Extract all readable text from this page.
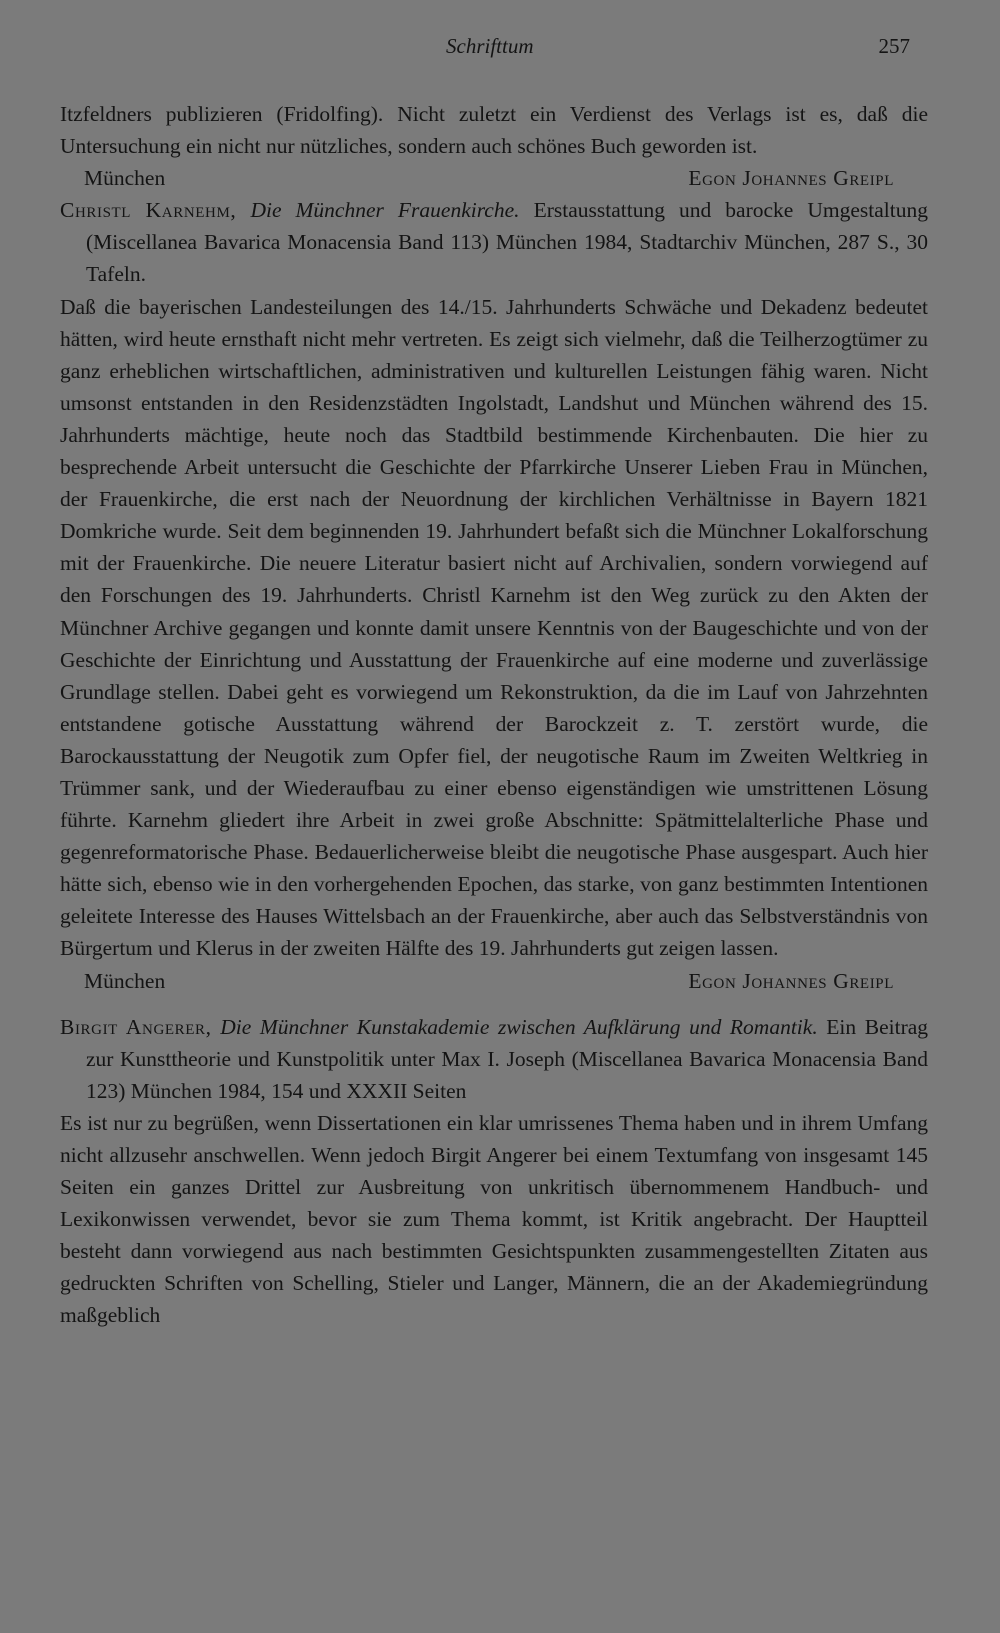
Schrifttum	257

Itzfeldners publizieren (Fridolfing). Nicht zuletzt ein Verdienst des Verlags ist es, daß die Untersuchung ein nicht nur nützliches, sondern auch schönes Buch geworden ist.

München	Egon Johannes Greipl

Christl Karnehm, Die Münchner Frauenkirche. Erstausstattung und barocke Umgestaltung (Miscellanea Bavarica Monacensia Band 113) München 1984, Stadtarchiv München, 287 S., 30 Tafeln.

Daß die bayerischen Landesteilungen des 14./15. Jahrhunderts Schwäche und Dekadenz bedeutet hätten, wird heute ernsthaft nicht mehr vertreten. Es zeigt sich vielmehr, daß die Teilherzogtümer zu ganz erheblichen wirtschaftlichen, administrativen und kulturellen Leistungen fähig waren. Nicht umsonst entstanden in den Residenzstädten Ingolstadt, Landshut und München während des 15. Jahrhunderts mächtige, heute noch das Stadtbild bestimmende Kirchenbauten. Die hier zu besprechende Arbeit untersucht die Geschichte der Pfarrkirche Unserer Lieben Frau in München, der Frauenkirche, die erst nach der Neuordnung der kirchlichen Verhältnisse in Bayern 1821 Domkriche wurde. Seit dem beginnenden 19. Jahrhundert befaßt sich die Münchner Lokalforschung mit der Frauenkirche. Die neuere Literatur basiert nicht auf Archivalien, sondern vorwiegend auf den Forschungen des 19. Jahrhunderts. Christl Karnehm ist den Weg zurück zu den Akten der Münchner Archive gegangen und konnte damit unsere Kenntnis von der Baugeschichte und von der Geschichte der Einrichtung und Ausstattung der Frauenkirche auf eine moderne und zuverlässige Grundlage stellen. Dabei geht es vorwiegend um Rekonstruktion, da die im Lauf von Jahrzehnten entstandene gotische Ausstattung während der Barockzeit z. T. zerstört wurde, die Barockausstattung der Neugotik zum Opfer fiel, der neugotische Raum im Zweiten Weltkrieg in Trümmer sank, und der Wiederaufbau zu einer ebenso eigenständigen wie umstrittenen Lösung führte. Karnehm gliedert ihre Arbeit in zwei große Abschnitte: Spätmittelalterliche Phase und gegenreformatorische Phase. Bedauerlicherweise bleibt die neugotische Phase ausgespart. Auch hier hätte sich, ebenso wie in den vorhergehenden Epochen, das starke, von ganz bestimmten Intentionen geleitete Interesse des Hauses Wittelsbach an der Frauenkirche, aber auch das Selbstverständnis von Bürgertum und Klerus in der zweiten Hälfte des 19. Jahrhunderts gut zeigen lassen.

München	Egon Johannes Greipl

Birgit Angerer, Die Münchner Kunstakademie zwischen Aufklärung und Romantik. Ein Beitrag zur Kunsttheorie und Kunstpolitik unter Max I. Joseph (Miscellanea Bavarica Monacensia Band 123) München 1984, 154 und XXXII Seiten

Es ist nur zu begrüßen, wenn Dissertationen ein klar umrissenes Thema haben und in ihrem Umfang nicht allzusehr anschwellen. Wenn jedoch Birgit Angerer bei einem Textumfang von insgesamt 145 Seiten ein ganzes Drittel zur Ausbreitung von unkritisch übernommenem Handbuch- und Lexikonwissen verwendet, bevor sie zum Thema kommt, ist Kritik angebracht. Der Hauptteil besteht dann vorwiegend aus nach bestimmten Gesichtspunkten zusammengestellten Zitaten aus gedruckten Schriften von Schelling, Stieler und Langer, Männern, die an der Akademiegründung maßgeblich
